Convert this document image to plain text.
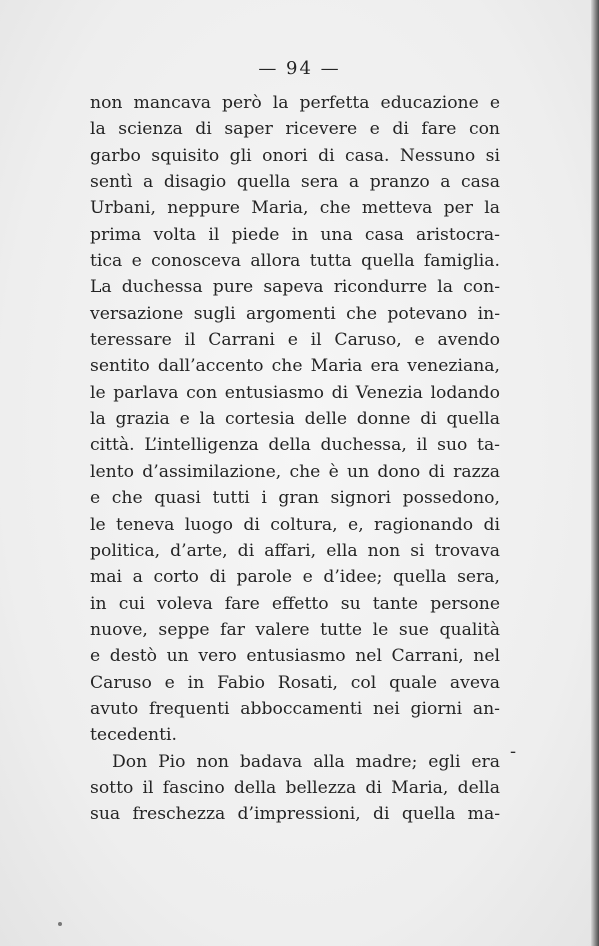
— 94 —
non mancava però la perfetta educazione e
la scienza di saper ricevere e di fare con
garbo squisito gli onori di casa. Nessuno si
sentì a disagio quella sera a pranzo a casa
Urbani, neppure Maria, che metteva per la
prima volta il piede in una casa aristocra-
tica e conosceva allora tutta quella famiglia.
La duchessa pure sapeva ricondurre la con-
versazione sugli argomenti che potevano in-
teressare il Carrani e il Caruso, e avendo
sentito dall’accento che Maria era veneziana,
le parlava con entusiasmo di Venezia lodando
la grazia e la cortesia delle donne di quella
città. L’intelligenza della duchessa, il suo ta-
lento d’assimilazione, che è un dono di razza
e che quasi tutti i gran signori possedono,
le teneva luogo di coltura, e, ragionando di
politica, d’arte, di affari, ella non si trovava
mai a corto di parole e d’idee; quella sera,
in cui voleva fare effetto su tante persone
nuove, seppe far valere tutte le sue qualità
e destò un vero entusiasmo nel Carrani, nel
Caruso e in Fabio Rosati, col quale aveva
avuto frequenti abboccamenti nei giorni an-
tecedenti.
Don Pio non badava alla madre; egli era
sotto il fascino della bellezza di Maria, della
sua freschezza d’impressioni, di quella ma-
-
